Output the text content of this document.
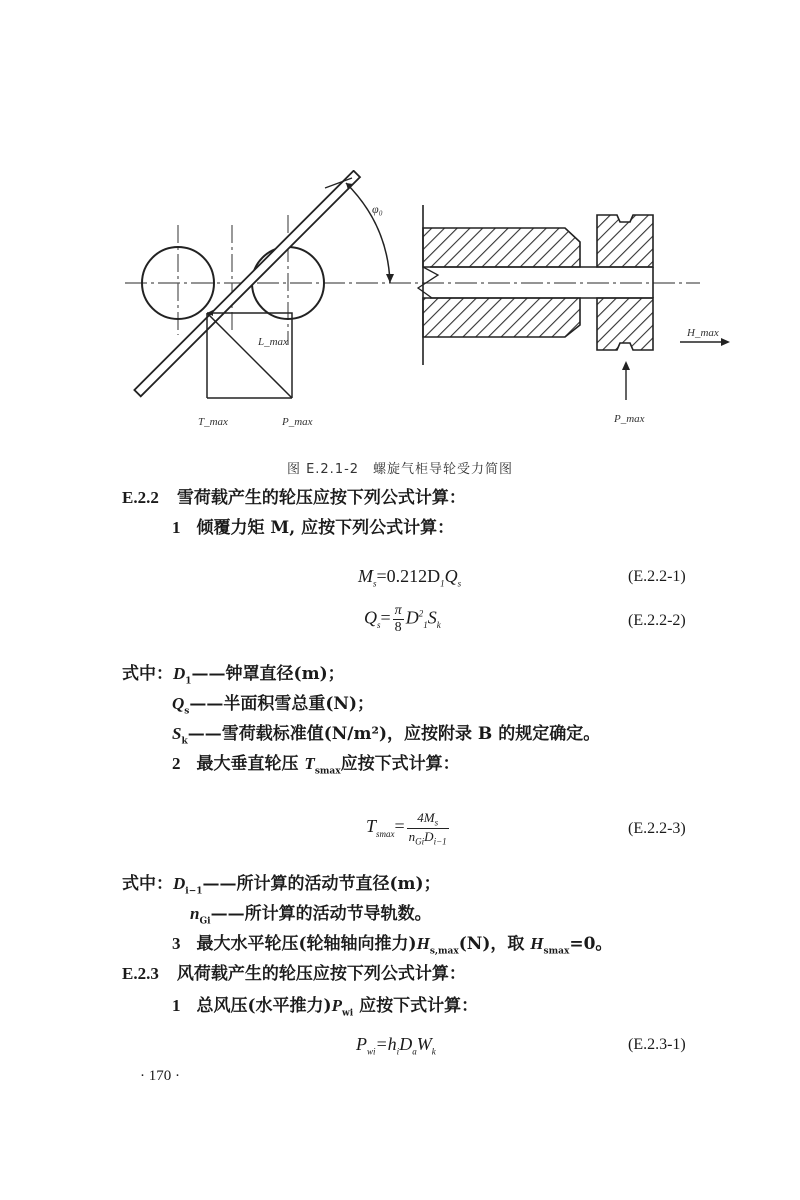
φ₀
L_max
T_max	P_max
H_max
P_max
图 E.2.1-2　螺旋气柜导轮受力简图
E.2.2 雪荷载产生的轮压应按下列公式计算：
1 倾覆力矩 M, 应按下列公式计算：
$M_s=0.212D_1Q_s$	(E.2.2-1)
$Q_s= \frac{\pi}{8} D^2_1S_k$	(E.2.2-2)
式中：$D_1——$钟罩直径(m)；
$Q_s——$半面积雪总重(N)；
$S_k——$雪荷载标准值(N/m²)，应按附录 B 的规定确定。
2 最大垂直轮压 $T_{smax}$应按下式计算：
$T_{smax}= \frac{4M_s}{n_{Gi}D_{i-1}}$	(E.2.2-3)
式中：$D_{i-1}——$所计算的活动节直径(m)；
$n_{Gi}——$所计算的活动节导轨数。
3 最大水平轮压(轮轴轴向推力)$H_{s,max}(N)$，取 $H_{smax}=0$。
E.2.3 风荷载产生的轮压应按下列公式计算：
1 总风压(水平推力)$P_{wi}$ 应按下式计算：
$P_{wi}=h_iD_aW_k$	(E.2.3-1)
· 170 ·
